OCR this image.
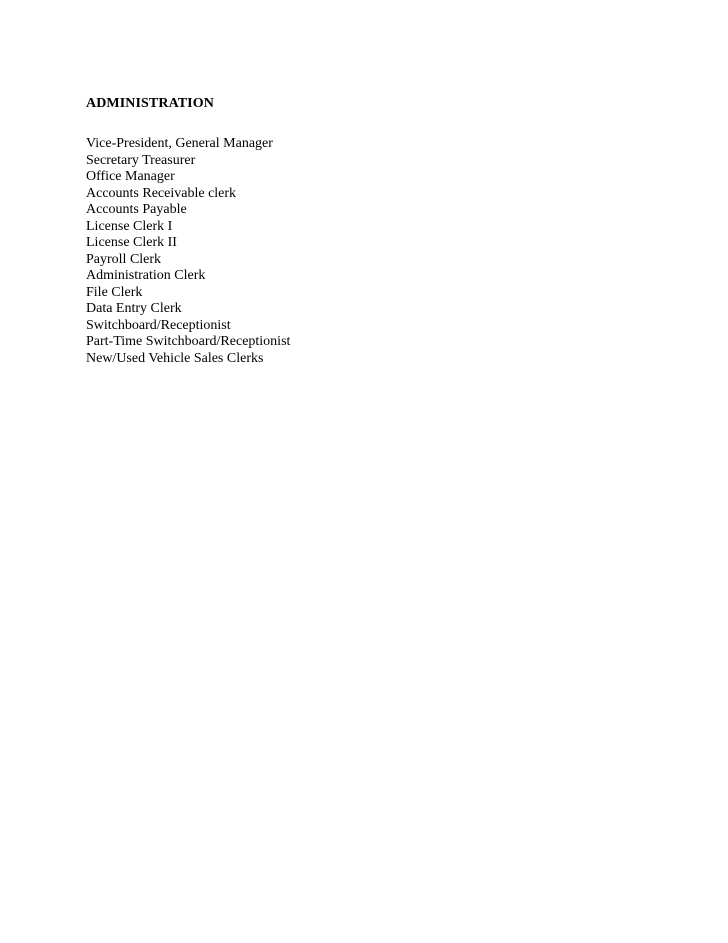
ADMINISTRATION
Vice-President, General Manager
Secretary Treasurer
Office Manager
Accounts Receivable clerk
Accounts Payable
License Clerk I
License Clerk II
Payroll Clerk
Administration Clerk
File Clerk
Data Entry Clerk
Switchboard/Receptionist
Part-Time Switchboard/Receptionist
New/Used Vehicle Sales Clerks
